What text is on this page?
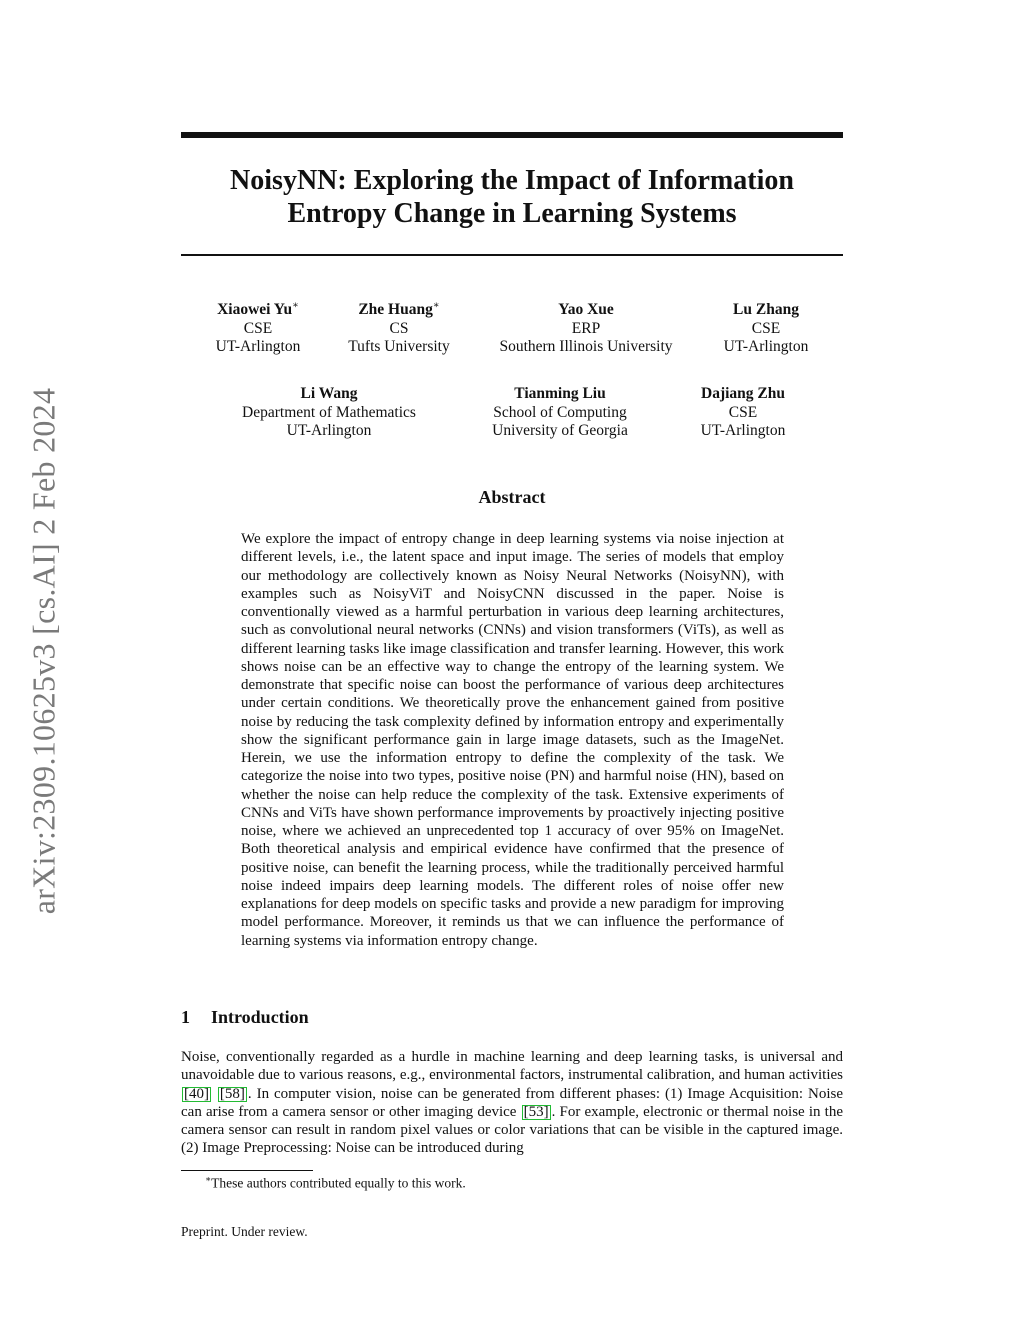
arXiv:2309.10625v3 [cs.AI] 2 Feb 2024
NoisyNN: Exploring the Impact of Information Entropy Change in Learning Systems
Xiaowei Yu∗
CSE
UT-Arlington
Zhe Huang∗
CS
Tufts University
Yao Xue
ERP
Southern Illinois University
Lu Zhang
CSE
UT-Arlington
Li Wang
Department of Mathematics
UT-Arlington
Tianming Liu
School of Computing
University of Georgia
Dajiang Zhu
CSE
UT-Arlington
Abstract

We explore the impact of entropy change in deep learning systems via noise injection at different levels, i.e., the latent space and input image. The series of models that employ our methodology are collectively known as Noisy Neural Networks (NoisyNN), with examples such as NoisyViT and NoisyCNN discussed in the paper. Noise is conventionally viewed as a harmful perturbation in various deep learning architectures, such as convolutional neural networks (CNNs) and vision transformers (ViTs), as well as different learning tasks like image classification and transfer learning. However, this work shows noise can be an effective way to change the entropy of the learning system. We demonstrate that specific noise can boost the performance of various deep architectures under certain conditions. We theoretically prove the enhancement gained from positive noise by reducing the task complexity defined by information entropy and experimentally show the significant performance gain in large image datasets, such as the ImageNet. Herein, we use the information entropy to define the complexity of the task. We categorize the noise into two types, positive noise (PN) and harmful noise (HN), based on whether the noise can help reduce the complexity of the task. Extensive experiments of CNNs and ViTs have shown performance improvements by proactively injecting positive noise, where we achieved an unprecedented top 1 accuracy of over 95% on ImageNet. Both theoretical analysis and empirical evidence have confirmed that the presence of positive noise, can benefit the learning process, while the traditionally perceived harmful noise indeed impairs deep learning models. The different roles of noise offer new explanations for deep models on specific tasks and provide a new paradigm for improving model performance. Moreover, it reminds us that we can influence the performance of learning systems via information entropy change.

1 Introduction

Noise, conventionally regarded as a hurdle in machine learning and deep learning tasks, is universal and unavoidable due to various reasons, e.g., environmental factors, instrumental calibration, and human activities [40] [58] . In computer vision, noise can be generated from different phases: (1) Image Acquisition: Noise can arise from a camera sensor or other imaging device [53] . For example, electronic or thermal noise in the camera sensor can result in random pixel values or color variations that can be visible in the captured image. (2) Image Preprocessing: Noise can be introduced during

∗These authors contributed equally to this work.
Preprint. Under review.
